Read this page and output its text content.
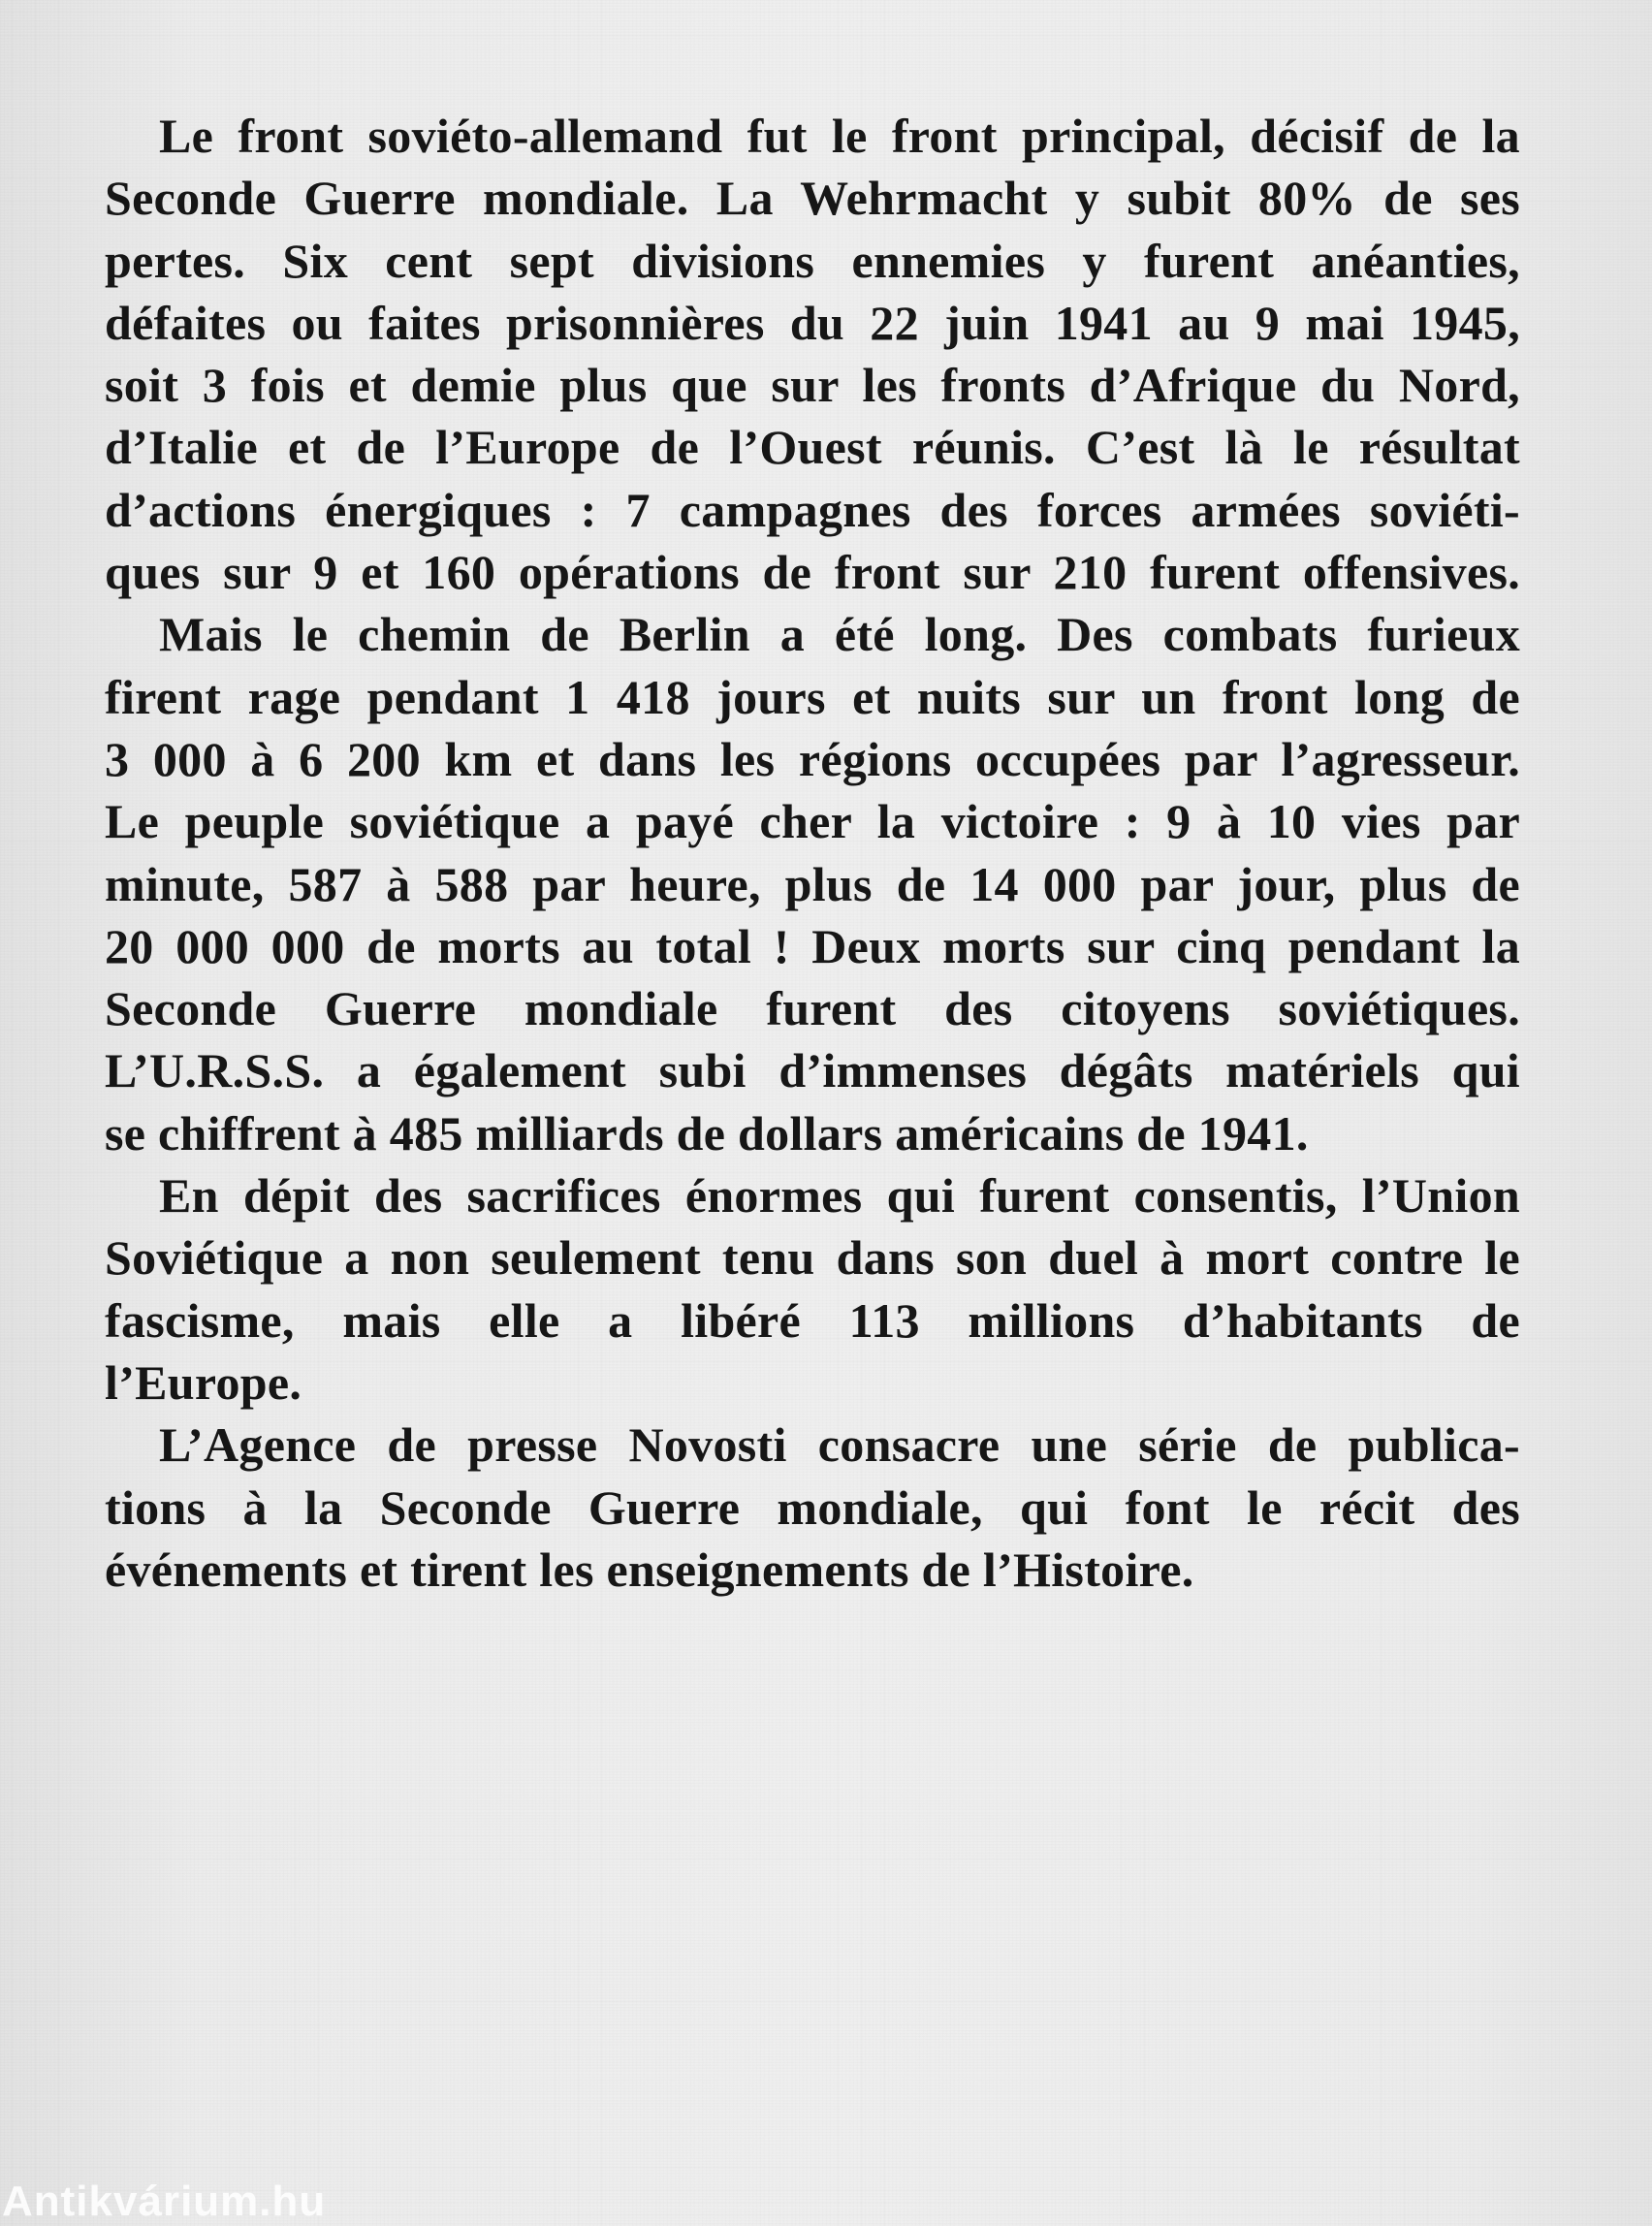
Le front soviéto-allemand fut le front principal, décisif de la
Seconde Guerre mondiale. La Wehrmacht y subit 80% de ses
pertes. Six cent sept divisions ennemies y furent anéanties,
défaites ou faites prisonnières du 22 juin 1941 au 9 mai 1945,
soit 3 fois et demie plus que sur les fronts d’Afrique du Nord,
d’Italie et de l’Europe de l’Ouest réunis. C’est là le résultat
d’actions énergiques : 7 campagnes des forces armées soviéti-
ques sur 9 et 160 opérations de front sur 210 furent offensives.
Mais le chemin de Berlin a été long. Des combats furieux
firent rage pendant 1 418 jours et nuits sur un front long de
3 000 à 6 200 km et dans les régions occupées par l’agresseur.
Le peuple soviétique a payé cher la victoire : 9 à 10 vies par
minute, 587 à 588 par heure, plus de 14 000 par jour, plus de
20 000 000 de morts au total ! Deux morts sur cinq pendant la
Seconde Guerre mondiale furent des citoyens soviétiques.
L’U.R.S.S. a également subi d’immenses dégâts matériels qui
se chiffrent à 485 milliards de dollars américains de 1941.
En dépit des sacrifices énormes qui furent consentis, l’Union
Soviétique a non seulement tenu dans son duel à mort contre le
fascisme, mais elle a libéré 113 millions d’habitants de
l’Europe.
L’Agence de presse Novosti consacre une série de publica-
tions à la Seconde Guerre mondiale, qui font le récit des
événements et tirent les enseignements de l’Histoire.
Antikvárium.hu
